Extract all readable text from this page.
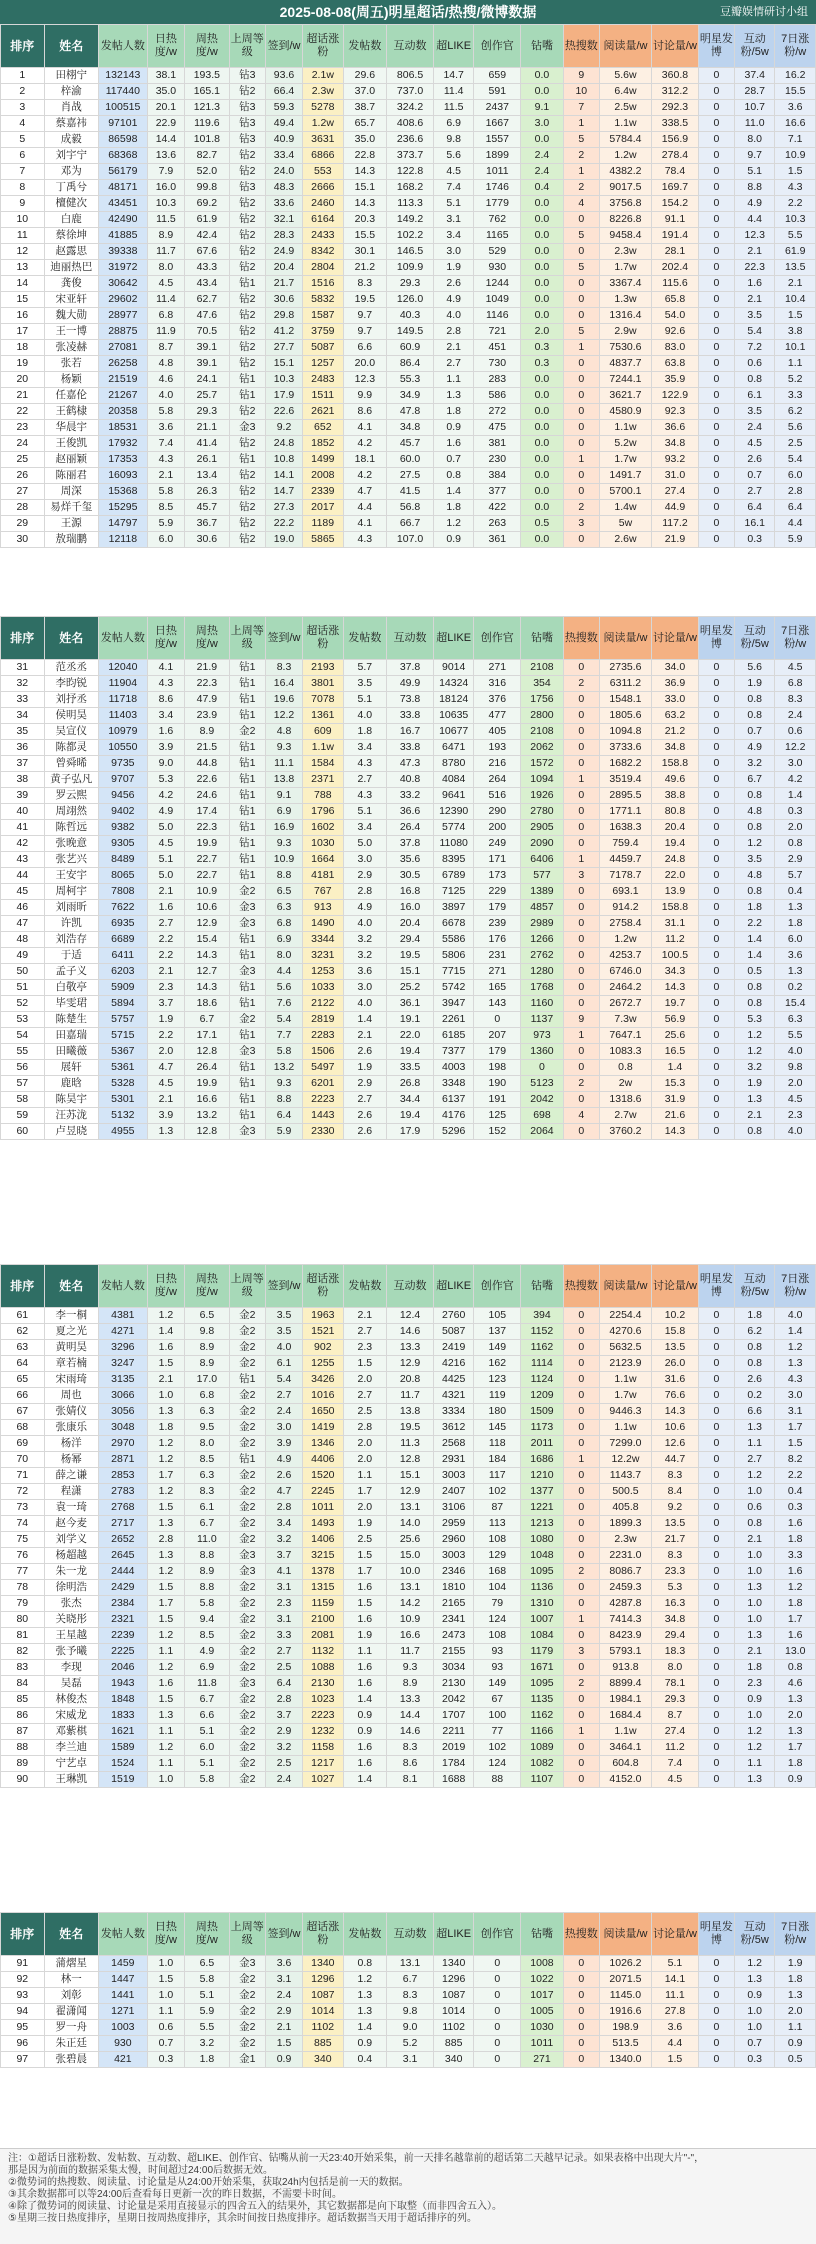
2025-08-08(周五)明星超话/热搜/微博数据	豆瓣娱情研讨小组
排序	姓名	发帖人数	日热度/w	周热度/w	上周等级	签到/w	超话涨粉	发帖数	互动数	超LIKE	创作官	钻嘴	热搜数	阅读量/w	讨论量/w	明星发博	互动粉/5w	7日涨粉/w
1	田栩宁	132143	38.1	193.5	钻3	93.6	2.1w	29.6	806.5	14.7	659	0.0	9	5.6w	360.8	0	37.4	16.2
2	梓渝	117440	35.0	165.1	钻2	66.4	2.3w	37.0	737.0	11.4	591	0.0	10	6.4w	312.2	0	28.7	15.5
3	肖战	100515	20.1	121.3	钻3	59.3	5278	38.7	324.2	11.5	2437	9.1	7	2.5w	292.3	0	10.7	3.6
4	蔡嘉祎	97101	22.9	119.6	钻3	49.4	1.2w	65.7	408.6	6.9	1667	3.0	1	1.1w	338.5	0	11.0	16.6
5	成毅	86598	14.4	101.8	钻3	40.9	3631	35.0	236.6	9.8	1557	0.0	5	5784.4	156.9	0	8.0	7.1
6	刘宇宁	68368	13.6	82.7	钻2	33.4	6866	22.8	373.7	5.6	1899	2.4	2	1.2w	278.4	0	9.7	10.9
7	邓为	56179	7.9	52.0	钻2	24.0	553	14.3	122.8	4.5	1011	2.4	1	4382.2	78.4	0	5.1	1.5
8	丁禹兮	48171	16.0	99.8	钻3	48.3	2666	15.1	168.2	7.4	1746	0.4	2	9017.5	169.7	0	8.8	4.3
9	檀健次	43451	10.3	69.2	钻2	33.6	2460	14.3	113.3	5.1	1779	0.0	4	3756.8	154.2	0	4.9	2.2
10	白鹿	42490	11.5	61.9	钻2	32.1	6164	20.3	149.2	3.1	762	0.0	0	8226.8	91.1	0	4.4	10.3
11	蔡徐坤	41885	8.9	42.4	钻2	28.3	2433	15.5	102.2	3.4	1165	0.0	5	9458.4	191.4	0	12.3	5.5
12	赵露思	39338	11.7	67.6	钻2	24.9	8342	30.1	146.5	3.0	529	0.0	0	2.3w	28.1	0	2.1	61.9
13	迪丽热巴	31972	8.0	43.3	钻2	20.4	2804	21.2	109.9	1.9	930	0.0	5	1.7w	202.4	0	22.3	13.5
14	龚俊	30642	4.5	43.4	钻1	21.7	1516	8.3	29.3	2.6	1244	0.0	0	3367.4	115.6	0	1.6	2.1
15	宋亚轩	29602	11.4	62.7	钻2	30.6	5832	19.5	126.0	4.9	1049	0.0	0	1.3w	65.8	0	2.1	10.4
16	魏大勋	28977	6.8	47.6	钻2	29.8	1587	9.7	40.3	4.0	1146	0.0	0	1316.4	54.0	0	3.5	1.5
17	王一博	28875	11.9	70.5	钻2	41.2	3759	9.7	149.5	2.8	721	2.0	5	2.9w	92.6	0	5.4	3.8
18	张凌赫	27081	8.7	39.1	钻2	27.7	5087	6.6	60.9	2.1	451	0.3	1	7530.6	83.0	0	7.2	10.1
19	张若	26258	4.8	39.1	钻2	15.1	1257	20.0	86.4	2.7	730	0.3	0	4837.7	63.8	0	0.6	1.1
20	杨颖	21519	4.6	24.1	钻1	10.3	2483	12.3	55.3	1.1	283	0.0	0	7244.1	35.9	0	0.8	5.2
21	任嘉伦	21267	4.0	25.7	钻1	17.9	1511	9.9	34.9	1.3	586	0.0	0	3621.7	122.9	0	6.1	3.3
22	王鹤棣	20358	5.8	29.3	钻2	22.6	2621	8.6	47.8	1.8	272	0.0	0	4580.9	92.3	0	3.5	6.2
23	华晨宇	18531	3.6	21.1	金3	9.2	652	4.1	34.8	0.9	475	0.0	0	1.1w	36.6	0	2.4	5.6
24	王俊凯	17932	7.4	41.4	钻2	24.8	1852	4.2	45.7	1.6	381	0.0	0	5.2w	34.8	0	4.5	2.5
25	赵丽颖	17353	4.3	26.1	钻1	10.8	1499	18.1	60.0	0.7	230	0.0	1	1.7w	93.2	0	2.6	5.4
26	陈丽君	16093	2.1	13.4	钻2	14.1	2008	4.2	27.5	0.8	384	0.0	0	1491.7	31.0	0	0.7	6.0
27	周深	15368	5.8	26.3	钻2	14.7	2339	4.7	41.5	1.4	377	0.0	0	5700.1	27.4	0	2.7	2.8
28	易烊千玺	15295	8.5	45.7	钻2	27.3	2017	4.4	56.8	1.8	422	0.0	2	1.4w	44.9	0	6.4	6.4
29	王源	14797	5.9	36.7	钻2	22.2	1189	4.1	66.7	1.2	263	0.5	3	5w	117.2	0	16.1	4.4
30	敖瑞鹏	12118	6.0	30.6	钻2	19.0	5865	4.3	107.0	0.9	361	0.0	0	2.6w	21.9	0	0.3	5.9
排序	姓名	发帖人数	日热度/w	周热度/w	上周等级	签到/w	超话涨粉	发帖数	互动数	超LIKE	创作官	钻嘴	热搜数	阅读量/w	讨论量/w	明星发博	互动粉/5w	7日涨粉/w
31	范丞丞	12040	4.1	21.9	钻1	8.3	2193	5.7	37.8	9014	271	2108	0	2735.6	34.0	0	5.6	4.5
32	李昀锐	11904	4.3	22.3	钻1	16.4	3801	3.5	49.9	14324	316	354	2	6311.2	36.9	0	1.9	6.8
33	刘抒丞	11718	8.6	47.9	钻1	19.6	7078	5.1	73.8	18124	376	1756	0	1548.1	33.0	0	0.8	8.3
34	侯明昊	11403	3.4	23.9	钻1	12.2	1361	4.0	33.8	10635	477	2800	0	1805.6	63.2	0	0.8	2.4
35	吴宣仪	10979	1.6	8.9	金2	4.8	609	1.8	16.7	10677	405	2108	0	1094.8	21.2	0	0.7	0.6
36	陈都灵	10550	3.9	21.5	钻1	9.3	1.1w	3.4	33.8	6471	193	2062	0	3733.6	34.8	0	4.9	12.2
37	曾舜晞	9735	9.0	44.8	钻1	11.1	1584	4.3	47.3	8780	216	1572	0	1682.2	158.8	0	3.2	3.0
38	黄子弘凡	9707	5.3	22.6	钻1	13.8	2371	2.7	40.8	4084	264	1094	1	3519.4	49.6	0	6.7	4.2
39	罗云熙	9456	4.2	24.6	钻1	9.1	788	4.3	33.2	9641	516	1926	0	2895.5	38.8	0	0.8	1.4
40	周翊然	9402	4.9	17.4	钻1	6.9	1796	5.1	36.6	12390	290	2780	0	1771.1	80.8	0	4.8	0.3
41	陈哲远	9382	5.0	22.3	钻1	16.9	1602	3.4	26.4	5774	200	2905	0	1638.3	20.4	0	0.8	2.0
42	张晚意	9305	4.5	19.9	钻1	9.3	1030	5.0	37.8	11080	249	2090	0	759.4	19.4	0	1.2	0.8
43	张艺兴	8489	5.1	22.7	钻1	10.9	1664	3.0	35.6	8395	171	6406	1	4459.7	24.8	0	3.5	2.9
44	王安宇	8065	5.0	22.7	钻1	8.8	4181	2.9	30.5	6789	173	577	3	7178.7	22.0	0	4.8	5.7
45	周柯宇	7808	2.1	10.9	金2	6.5	767	2.8	16.8	7125	229	1389	0	693.1	13.9	0	0.8	0.4
46	刘雨昕	7622	1.6	10.6	金3	6.3	913	4.9	16.0	3897	179	4857	0	914.2	158.8	0	1.8	1.3
47	许凯	6935	2.7	12.9	金3	6.8	1490	4.0	20.4	6678	239	2989	0	2758.4	31.1	0	2.2	1.8
48	刘浩存	6689	2.2	15.4	钻1	6.9	3344	3.2	29.4	5586	176	1266	0	1.2w	11.2	0	1.4	6.0
49	于适	6411	2.2	14.3	钻1	8.0	3231	3.2	19.5	5806	231	2762	0	4253.7	100.5	0	1.4	3.6
50	孟子义	6203	2.1	12.7	金3	4.4	1253	3.6	15.1	7715	271	1280	0	6746.0	34.3	0	0.5	1.3
51	白敬亭	5909	2.3	14.3	钻1	5.6	1033	3.0	25.2	5742	165	1768	0	2464.2	14.3	0	0.8	0.2
52	毕雯珺	5894	3.7	18.6	钻1	7.6	2122	4.0	36.1	3947	143	1160	0	2672.7	19.7	0	0.8	15.4
53	陈楚生	5757	1.9	6.7	金2	5.4	2819	1.4	19.1	2261	0	1137	9	7.3w	56.9	0	5.3	6.3
54	田嘉瑞	5715	2.2	17.1	钻1	7.7	2283	2.1	22.0	6185	207	973	1	7647.1	25.6	0	1.2	5.5
55	田曦薇	5367	2.0	12.8	金3	5.8	1506	2.6	19.4	7377	179	1360	0	1083.3	16.5	0	1.2	4.0
56	展轩	5361	4.7	26.4	钻1	13.2	5497	1.9	33.5	4003	198	0	0	0.8	1.4	0	3.2	9.8
57	鹿晗	5328	4.5	19.9	钻1	9.3	6201	2.9	26.8	3348	190	5123	2	2w	15.3	0	1.9	2.0
58	陈昊宇	5301	2.1	16.6	钻1	8.8	2223	2.7	34.4	6137	191	2042	0	1318.6	31.9	0	1.3	4.5
59	汪苏泷	5132	3.9	13.2	钻1	6.4	1443	2.6	19.4	4176	125	698	4	2.7w	21.6	0	2.1	2.3
60	卢昱晓	4955	1.3	12.8	金3	5.9	2330	2.6	17.9	5296	152	2064	0	3760.2	14.3	0	0.8	4.0
排序	姓名	发帖人数	日热度/w	周热度/w	上周等级	签到/w	超话涨粉	发帖数	互动数	超LIKE	创作官	钻嘴	热搜数	阅读量/w	讨论量/w	明星发博	互动粉/5w	7日涨粉/w
61	李一桐	4381	1.2	6.5	金2	3.5	1963	2.1	12.4	2760	105	394	0	2254.4	10.2	0	1.8	4.0
62	夏之光	4271	1.4	9.8	金2	3.5	1521	2.7	14.6	5087	137	1152	0	4270.6	15.8	0	6.2	1.4
63	黄明昊	3296	1.6	8.9	金2	4.0	902	2.3	13.3	2419	149	1162	0	5632.5	13.5	0	0.8	1.2
64	章若楠	3247	1.5	8.9	金2	6.1	1255	1.5	12.9	4216	162	1114	0	2123.9	26.0	0	0.8	1.3
65	宋雨琦	3135	2.1	17.0	钻1	5.4	3426	2.0	20.8	4425	123	1124	0	1.1w	31.6	0	2.6	4.3
66	周也	3066	1.0	6.8	金2	2.7	1016	2.7	11.7	4321	119	1209	0	1.7w	76.6	0	0.2	3.0
67	张婧仪	3056	1.3	6.3	金2	2.4	1650	2.5	13.8	3334	180	1509	0	9446.3	14.3	0	6.6	3.1
68	张康乐	3048	1.8	9.5	金2	3.0	1419	2.8	19.5	3612	145	1173	0	1.1w	10.6	0	1.3	1.7
69	杨洋	2970	1.2	8.0	金2	3.9	1346	2.0	11.3	2568	118	2011	0	7299.0	12.6	0	1.1	1.5
70	杨幂	2871	1.2	8.5	钻1	4.9	4406	2.0	12.8	2931	184	1686	1	12.2w	44.7	0	2.7	8.2
71	薛之谦	2853	1.7	6.3	金2	2.6	1520	1.1	15.1	3003	117	1210	0	1143.7	8.3	0	1.2	2.2
72	程潇	2783	1.2	8.3	金2	4.7	2245	1.7	12.9	2407	102	1377	0	500.5	8.4	0	1.0	0.4
73	袁一琦	2768	1.5	6.1	金2	2.8	1011	2.0	13.1	3106	87	1221	0	405.8	9.2	0	0.6	0.3
74	赵今麦	2717	1.3	6.7	金2	3.4	1493	1.9	14.0	2959	113	1213	0	1899.3	13.5	0	0.8	1.6
75	刘学义	2652	2.8	11.0	金2	3.2	1406	2.5	25.6	2960	108	1080	0	2.3w	21.7	0	2.1	1.8
76	杨超越	2645	1.3	8.8	金3	3.7	3215	1.5	15.0	3003	129	1048	0	2231.0	8.3	0	1.0	3.3
77	朱一龙	2444	1.2	8.9	金3	4.1	1378	1.7	10.0	2346	168	1095	2	8086.7	23.3	0	1.0	1.6
78	徐明浩	2429	1.5	8.8	金2	3.1	1315	1.6	13.1	1810	104	1136	0	2459.3	5.3	0	1.3	1.2
79	张杰	2384	1.7	5.8	金2	2.3	1159	1.5	14.2	2165	79	1310	0	4287.8	16.3	0	1.0	1.8
80	关晓彤	2321	1.5	9.4	金2	3.1	2100	1.6	10.9	2341	124	1007	1	7414.3	34.8	0	1.0	1.7
81	王星越	2239	1.2	8.5	金2	3.3	2081	1.9	16.6	2473	108	1084	0	8423.9	29.4	0	1.3	1.6
82	张予曦	2225	1.1	4.9	金2	2.7	1132	1.1	11.7	2155	93	1179	3	5793.1	18.3	0	2.1	13.0
83	李现	2046	1.2	6.9	金2	2.5	1088	1.6	9.3	3034	93	1671	0	913.8	8.0	0	1.8	0.8
84	吴磊	1943	1.6	11.8	金3	6.4	2130	1.6	8.9	2130	149	1095	2	8899.4	78.1	0	2.3	4.6
85	林俊杰	1848	1.5	6.7	金2	2.8	1023	1.4	13.3	2042	67	1135	0	1984.1	29.3	0	0.9	1.3
86	宋威龙	1833	1.3	6.6	金2	3.7	2223	0.9	14.4	1707	100	1162	0	1684.4	8.7	0	1.0	2.0
87	邓紫棋	1621	1.1	5.1	金2	2.9	1232	0.9	14.6	2211	77	1166	1	1.1w	27.4	0	1.2	1.3
88	李兰迪	1589	1.2	6.0	金2	3.2	1158	1.6	8.3	2019	102	1089	0	3464.1	11.2	0	1.2	1.7
89	宁艺卓	1524	1.1	5.1	金2	2.5	1217	1.6	8.6	1784	124	1082	0	604.8	7.4	0	1.1	1.8
90	王琳凯	1519	1.0	5.8	金2	2.4	1027	1.4	8.1	1688	88	1107	0	4152.0	4.5	0	1.3	0.9
排序	姓名	发帖人数	日热度/w	周热度/w	上周等级	签到/w	超话涨粉	发帖数	互动数	超LIKE	创作官	钻嘴	热搜数	阅读量/w	讨论量/w	明星发博	互动粉/5w	7日涨粉/w
91	蒲熠星	1459	1.0	6.5	金3	3.6	1340	0.8	13.1	1340	0	1008	0	1026.2	5.1	0	1.2	1.9
92	林一	1447	1.5	5.8	金2	3.1	1296	1.2	6.7	1296	0	1022	0	2071.5	14.1	0	1.3	1.8
93	刘彰	1441	1.0	5.1	金2	2.4	1087	1.3	8.3	1087	0	1017	0	1145.0	11.1	0	0.9	1.3
94	翟潇闻	1271	1.1	5.9	金2	2.9	1014	1.3	9.8	1014	0	1005	0	1916.6	27.8	0	1.0	2.0
95	罗一舟	1003	0.6	5.5	金2	2.1	1102	1.4	9.0	1102	0	1030	0	198.9	3.6	0	1.0	1.1
96	朱正廷	930	0.7	3.2	金2	1.5	885	0.9	5.2	885	0	1011	0	513.5	4.4	0	0.7	0.9
97	张碧晨	421	0.3	1.8	金1	0.9	340	0.4	3.1	340	0	271	0	1340.0	1.5	0	0.3	0.5
注：①超话日涨粉数、发帖数、互动数、超LIKE、创作官、钻嘴从前一天23:40开始采集，前一天排名越靠前的超话第二天越早记录。如果表格中出现大片"-"，
那是因为前面的数据采集太慢，时间超过24:00后数据无效。
②微势词的热搜数、阅读量、讨论量是从24:00开始采集，获取24h内包括是前一天的数据。
③其余数据都可以等24:00后查看每日更新一次的昨日数据，不需要卡时间。
④除了微势词的阅读量、讨论量是采用直接显示的四舍五入的结果外，其它数据都是向下取整（而非四舍五入）。
⑤星期三按日热度排序，星期日按周热度排序，其余时间按日热度排序。超话数据当天用于超话排序的列。
